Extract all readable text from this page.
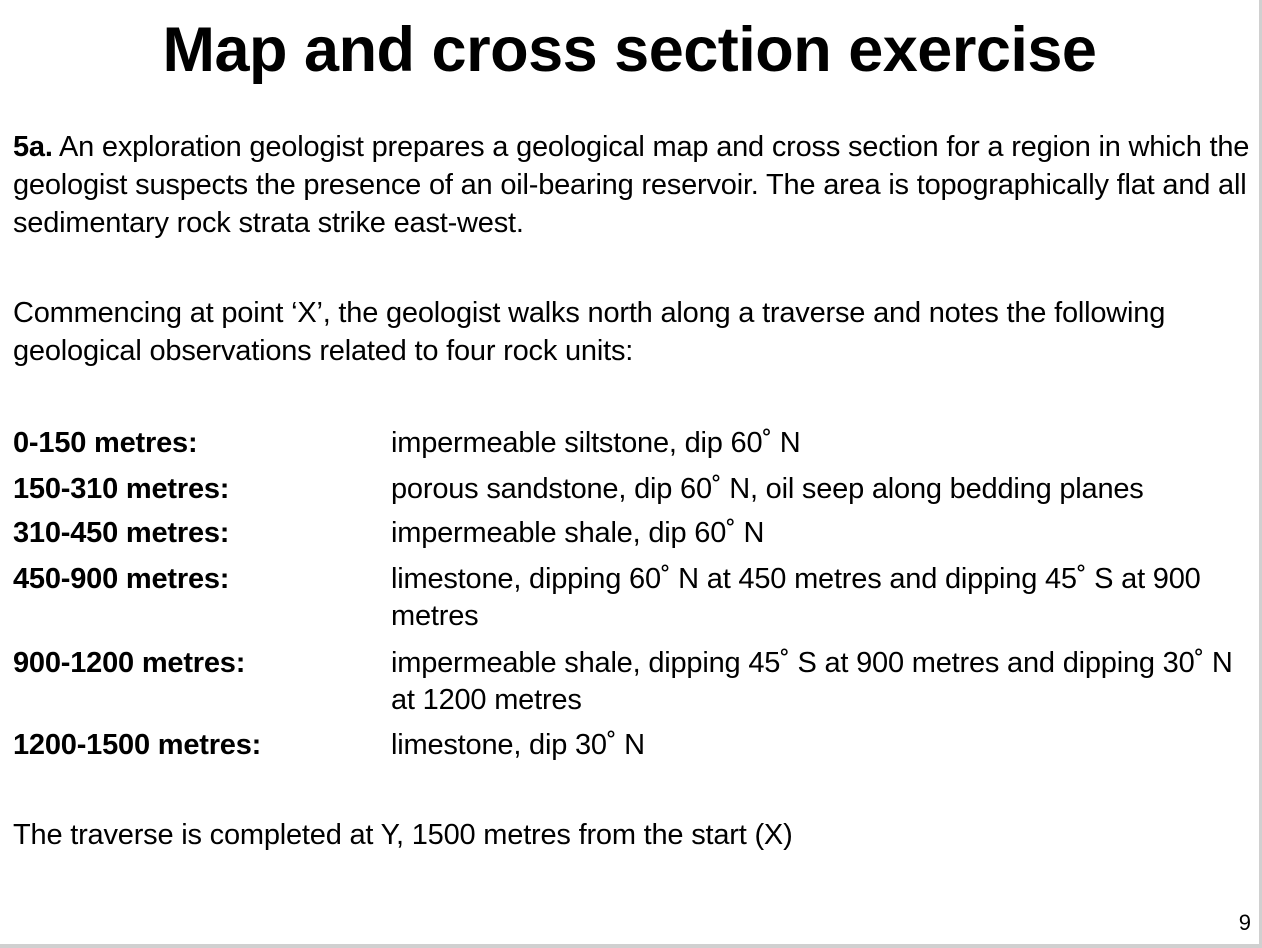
Map and cross section exercise
5a. An exploration geologist prepares a geological map and cross section for a region in which the geologist suspects the presence of an oil-bearing reservoir. The area is topographically flat and all sedimentary rock strata strike east-west.
Commencing at point ‘X’, the geologist walks north along a traverse and notes the following geological observations related to four rock units:
0-150 metres:	impermeable siltstone, dip 60˚ N
150-310 metres:	porous sandstone, dip 60˚ N, oil seep along bedding planes
310-450 metres:	impermeable shale, dip 60˚ N
450-900 metres:	limestone, dipping 60˚ N at 450 metres and dipping 45˚ S at 900 metres
900-1200 metres:	impermeable shale, dipping 45˚ S at 900 metres and dipping 30˚ N at 1200 metres
1200-1500 metres:	limestone, dip 30˚ N
The traverse is completed at Y, 1500 metres from the start (X)
9
